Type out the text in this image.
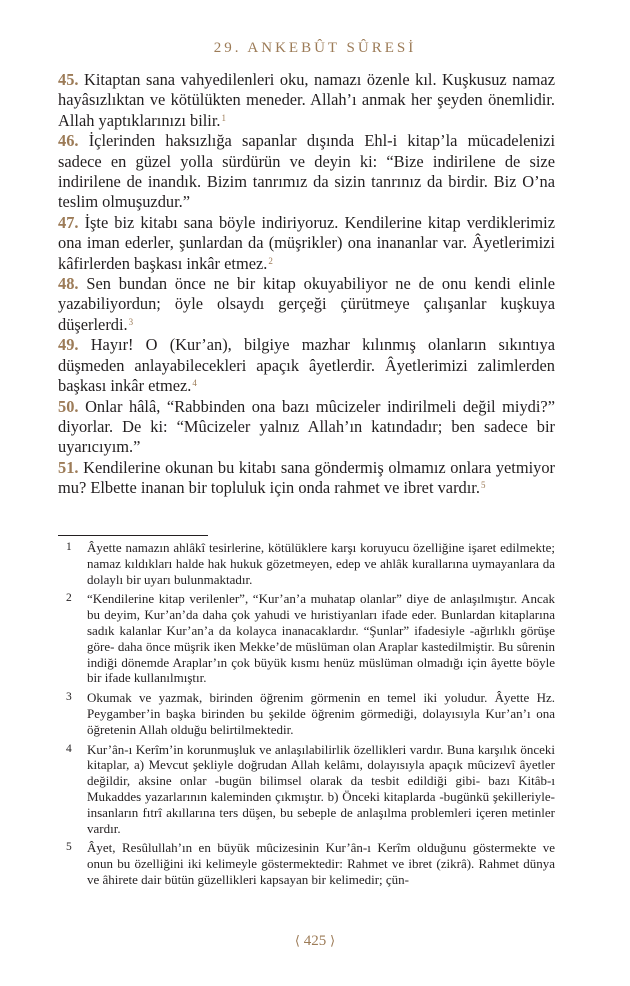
29. ANKEBÛT SÛRESİ

45. Kitaptan sana vahyedilenleri oku, namazı özenle kıl. Kuşkusuz namaz hayâsızlıktan ve kötülükten meneder. Allah’ı anmak her şeyden önemlidir. Allah yaptıklarınızı bilir.$^1$

46. İçlerinden haksızlığa sapanlar dışında Ehl-i kitap’la mücadelenizi sadece en güzel yolla sürdürün ve deyin ki: “Bize indirilene de size indirilene de inandık. Bizim tanrımız da sizin tanrınız da birdir. Biz O’na teslim olmuşuzdur.”

47. İşte biz kitabı sana böyle indiriyoruz. Kendilerine kitap verdiklerimiz ona iman ederler, şunlardan da (müşrikler) ona inananlar var. Âyetlerimizi kâfirlerden başkası inkâr etmez.$^2$

48. Sen bundan önce ne bir kitap okuyabiliyor ne de onu kendi elinle yazabiliyordun; öyle olsaydı gerçeği çürütmeye çalışanlar kuşkuya düşerlerdi.$^3$

49. Hayır! O (Kur’an), bilgiye mazhar kılınmış olanların sıkıntıya düşmeden anlayabilecekleri apaçık âyetlerdir. Âyetlerimizi zalimlerden başkası inkâr etmez.$^4$

50. Onlar hâlâ, “Rabbinden ona bazı mûcizeler indirilmeli değil miydi?” diyorlar. De ki: “Mûcizeler yalnız Allah’ın katındadır; ben sadece bir uyarıcıyım.”

51. Kendilerine okunan bu kitabı sana göndermiş olmamız onlara yetmiyor mu? Elbette inanan bir topluluk için onda rahmet ve ibret vardır.$^5$

1	Âyette namazın ahlâkî tesirlerine, kötülüklere karşı koruyucu özelliğine işaret edilmekte; namaz kıldıkları halde hak hukuk gözetmeyen, edep ve ahlâk kurallarına uymayanlara da dolaylı bir uyarı bulunmaktadır.
2	“Kendilerine kitap verilenler”, “Kur’an’a muhatap olanlar” diye de anlaşılmıştır. Ancak bu deyim, Kur’an’da daha çok yahudi ve hıristiyanları ifade eder. Bunlardan kitaplarına sadık kalanlar Kur’an’a da kolayca inanacaklardır. “Şunlar” ifadesiyle -ağırlıklı görüşe göre- daha önce müşrik iken Mekke’de müslüman olan Araplar kastedilmiştir. Bu sûrenin indiği dönemde Araplar’ın çok büyük kısmı henüz müslüman olmadığı için âyette böyle bir ifade kullanılmıştır.
3	Okumak ve yazmak, birinden öğrenim görmenin en temel iki yoludur. Âyette Hz. Peygamber’in başka birinden bu şekilde öğrenim görmediği, dolayısıyla Kur’an’ı ona öğretenin Allah olduğu belirtilmektedir.
4	Kur’ân-ı Kerîm’in korunmuşluk ve anlaşılabilirlik özellikleri vardır. Buna karşılık önceki kitaplar, a) Mevcut şekliyle doğrudan Allah kelâmı, dolayısıyla apaçık mûcizevî âyetler değildir, aksine onlar -bugün bilimsel olarak da tesbit edildiği gibi- bazı Kitâb-ı Mukaddes yazarlarının kaleminden çıkmıştır. b) Önceki kitaplarda -bugünkü şekilleriyle- insanların fıtrî akıllarına ters düşen, bu sebeple de anlaşılma problemleri içeren metinler vardır.
5	Âyet, Resûlullah’ın en büyük mûcizesinin Kur’ân-ı Kerîm olduğunu göstermekte ve onun bu özelliğini iki kelimeyle göstermektedir: Rahmet ve ibret (zikrâ). Rahmet dünya ve âhirete dair bütün güzellikleri kapsayan bir kelimedir; çün-
⟨ 425 ⟩
